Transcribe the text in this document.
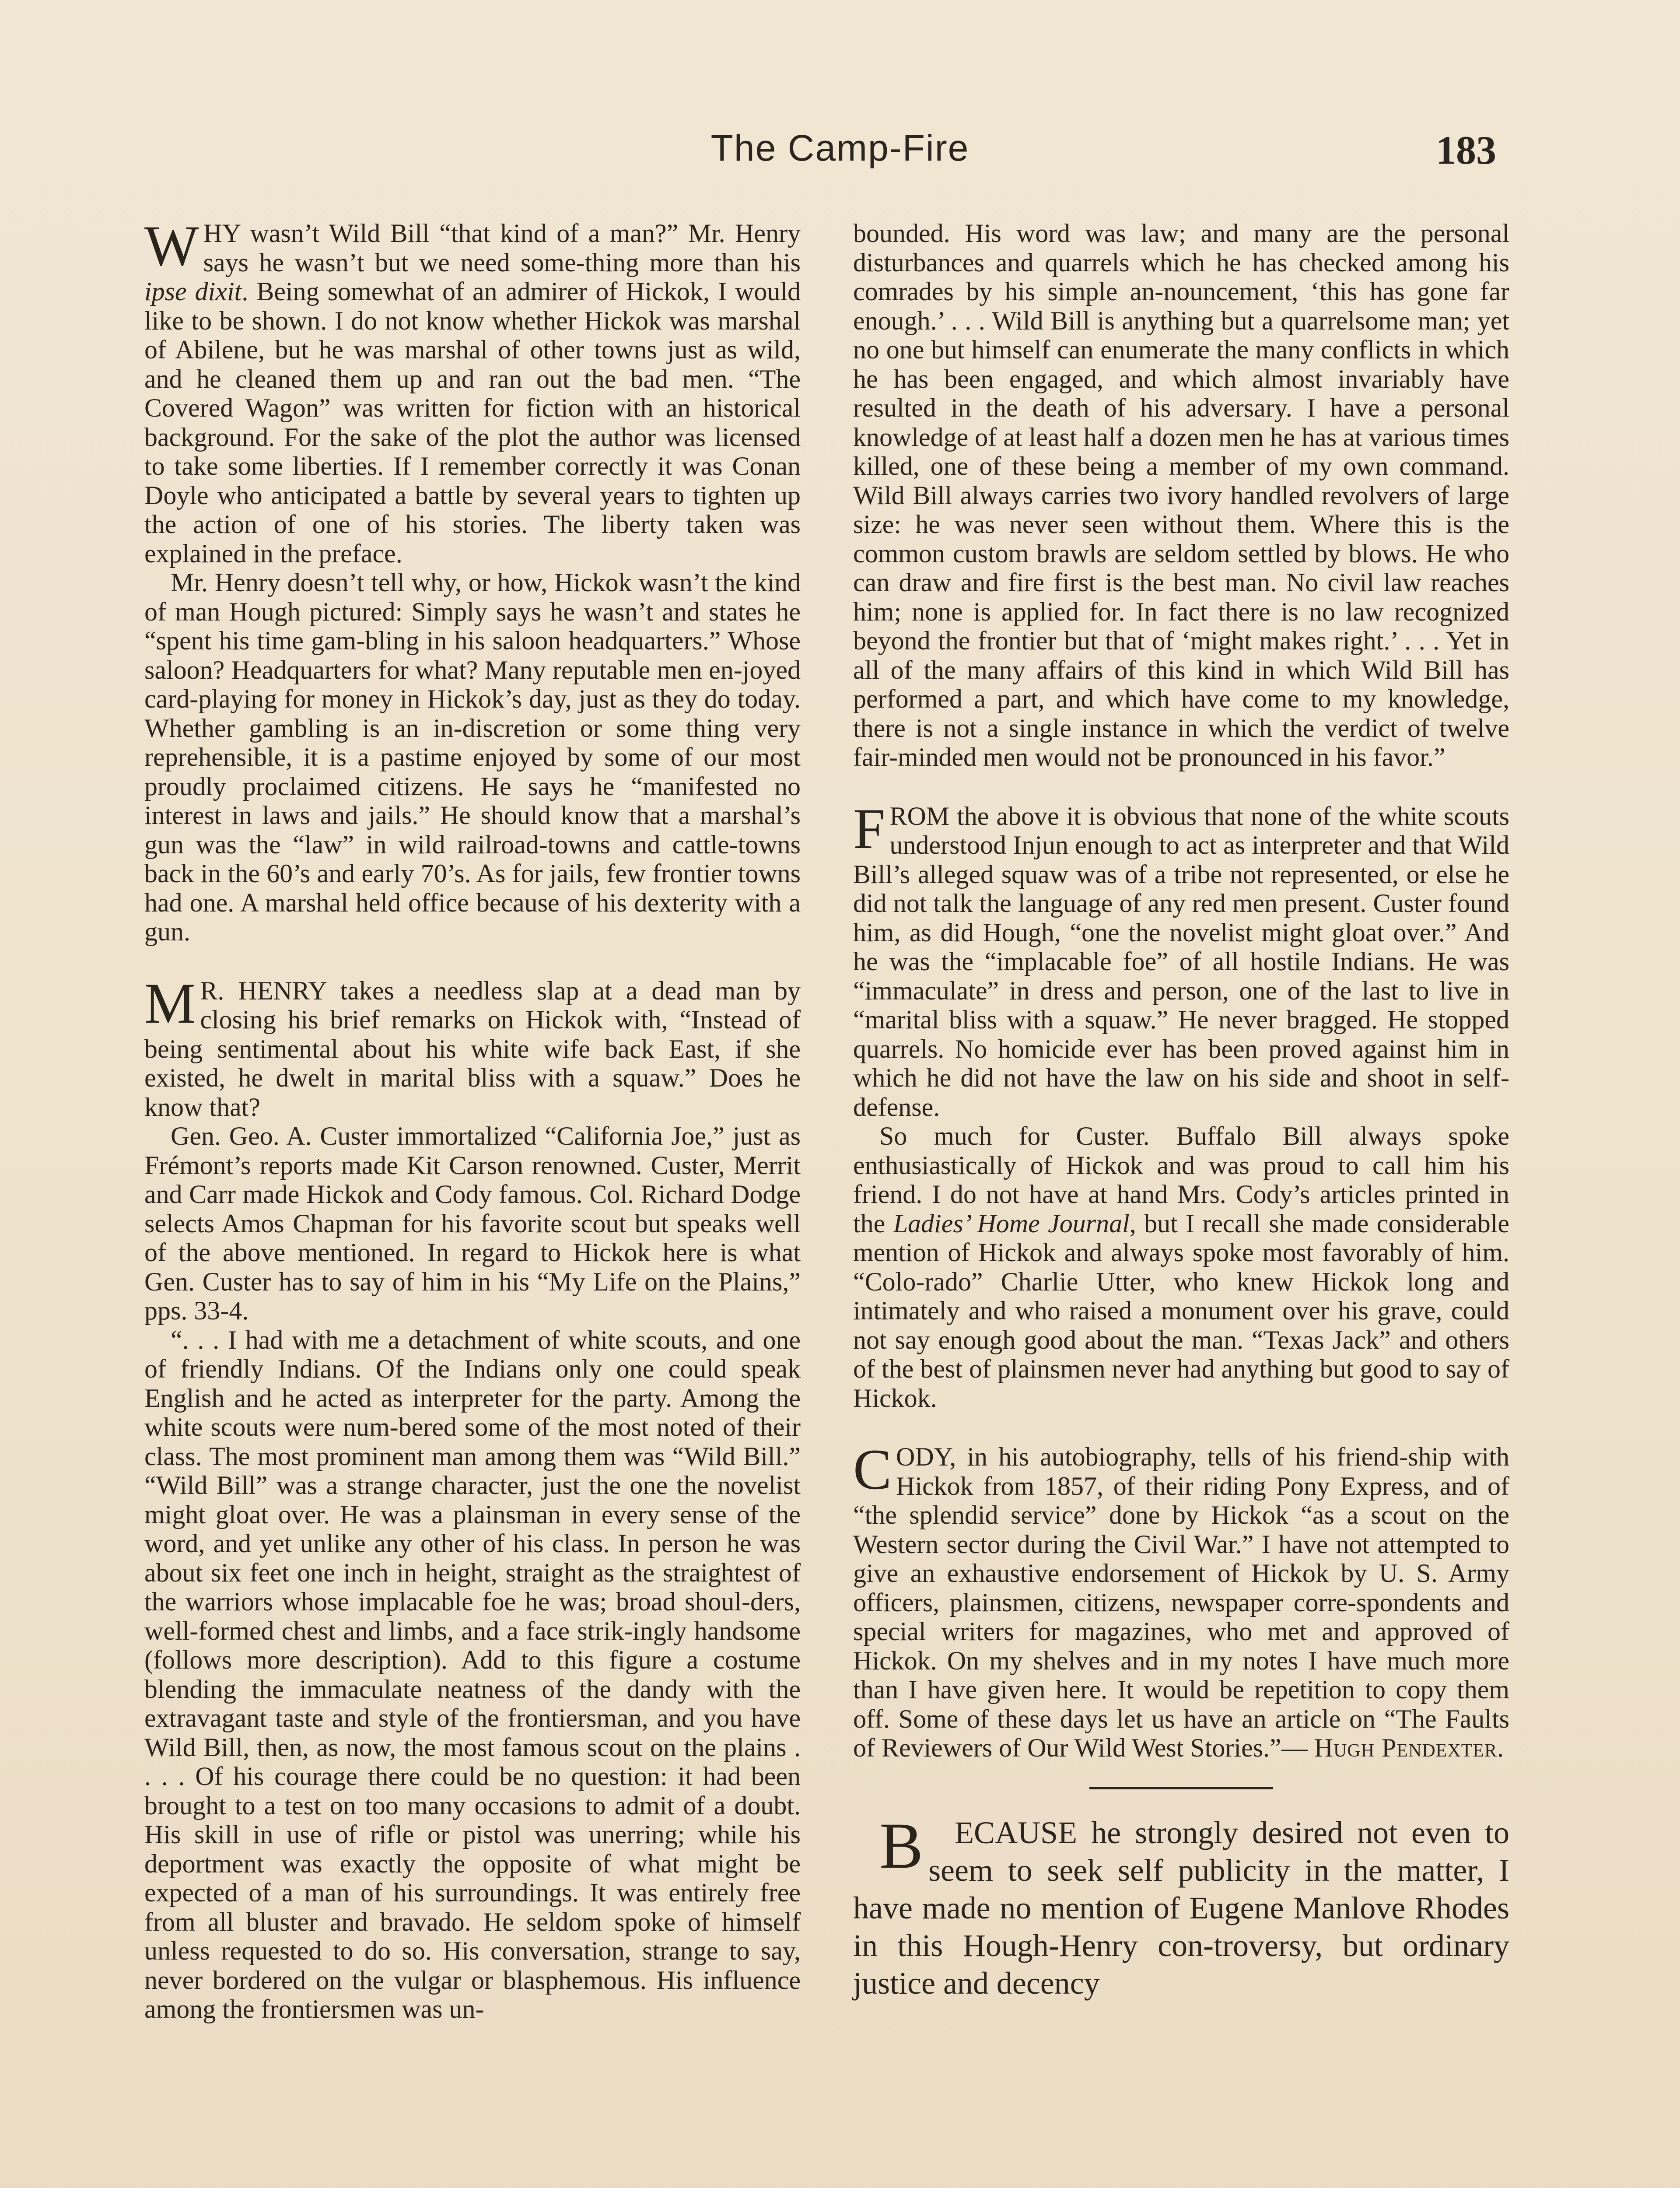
The Camp-Fire	183

WHY wasn’t Wild Bill “that kind of a man?” Mr. Henry says he wasn’t but we need some-thing more than his ipse dixit. Being somewhat of an admirer of Hickok, I would like to be shown. I do not know whether Hickok was marshal of Abilene, but he was marshal of other towns just as wild, and he cleaned them up and ran out the bad men. “The Covered Wagon” was written for fiction with an historical background. For the sake of the plot the author was licensed to take some liberties. If I remember correctly it was Conan Doyle who anticipated a battle by several years to tighten up the action of one of his stories. The liberty taken was explained in the preface.

Mr. Henry doesn’t tell why, or how, Hickok wasn’t the kind of man Hough pictured: Simply says he wasn’t and states he “spent his time gam-bling in his saloon headquarters.” Whose saloon? Headquarters for what? Many reputable men en-joyed card-playing for money in Hickok’s day, just as they do today. Whether gambling is an in-discretion or some thing very reprehensible, it is a pastime enjoyed by some of our most proudly proclaimed citizens. He says he “manifested no interest in laws and jails.” He should know that a marshal’s gun was the “law” in wild railroad-towns and cattle-towns back in the 60’s and early 70’s. As for jails, few frontier towns had one. A marshal held office because of his dexterity with a gun.

M R. HENRY takes a needless slap at a dead man by closing his brief remarks on Hickok with, “Instead of being sentimental about his white wife back East, if she existed, he dwelt in marital bliss with a squaw.” Does he know that?

Gen. Geo. A. Custer immortalized “California Joe,” just as Frémont’s reports made Kit Carson renowned. Custer, Merrit and Carr made Hickok and Cody famous. Col. Richard Dodge selects Amos Chapman for his favorite scout but speaks well of the above mentioned. In regard to Hickok here is what Gen. Custer has to say of him in his “My Life on the Plains,” pps. 33-4.

“. . . I had with me a detachment of white scouts, and one of friendly Indians. Of the Indians only one could speak English and he acted as interpreter for the party. Among the white scouts were num-bered some of the most noted of their class. The most prominent man among them was “Wild Bill.” “Wild Bill” was a strange character, just the one the novelist might gloat over. He was a plainsman in every sense of the word, and yet unlike any other of his class. In person he was about six feet one inch in height, straight as the straightest of the warriors whose implacable foe he was; broad shoul-ders, well-formed chest and limbs, and a face strik-ingly handsome (follows more description). Add to this figure a costume blending the immaculate neatness of the dandy with the extravagant taste and style of the frontiersman, and you have Wild Bill, then, as now, the most famous scout on the plains . . . . Of his courage there could be no question: it had been brought to a test on too many occasions to admit of a doubt. His skill in use of rifle or pistol was unerring; while his deportment was exactly the opposite of what might be expected of a man of his surroundings. It was entirely free from all bluster and bravado. He seldom spoke of himself unless requested to do so. His conversation, strange to say, never bordered on the vulgar or blasphemous. His influence among the frontiersmen was un-

bounded. His word was law; and many are the personal disturbances and quarrels which he has checked among his comrades by his simple an-nouncement, ‘this has gone far enough.’ . . . Wild Bill is anything but a quarrelsome man; yet no one but himself can enumerate the many conflicts in which he has been engaged, and which almost invariably have resulted in the death of his adversary. I have a personal knowledge of at least half a dozen men he has at various times killed, one of these being a member of my own command. Wild Bill always carries two ivory handled revolvers of large size: he was never seen without them. Where this is the common custom brawls are seldom settled by blows. He who can draw and fire first is the best man. No civil law reaches him; none is applied for. In fact there is no law recognized beyond the frontier but that of ‘might makes right.’ . . . Yet in all of the many affairs of this kind in which Wild Bill has performed a part, and which have come to my knowledge, there is not a single instance in which the verdict of twelve fair-minded men would not be pronounced in his favor.”

FROM the above it is obvious that none of the white scouts understood Injun enough to act as interpreter and that Wild Bill’s alleged squaw was of a tribe not represented, or else he did not talk the language of any red men present. Custer found him, as did Hough, “one the novelist might gloat over.” And he was the “implacable foe” of all hostile Indians. He was “immaculate” in dress and person, one of the last to live in “marital bliss with a squaw.” He never bragged. He stopped quarrels. No homicide ever has been proved against him in which he did not have the law on his side and shoot in self-defense.

So much for Custer. Buffalo Bill always spoke enthusiastically of Hickok and was proud to call him his friend. I do not have at hand Mrs. Cody’s articles printed in the Ladies’ Home Journal, but I recall she made considerable mention of Hickok and always spoke most favorably of him. “Colo-rado” Charlie Utter, who knew Hickok long and intimately and who raised a monument over his grave, could not say enough good about the man. “Texas Jack” and others of the best of plainsmen never had anything but good to say of Hickok.

CODY, in his autobiography, tells of his friend-ship with Hickok from 1857, of their riding Pony Express, and of “the splendid service” done by Hickok “as a scout on the Western sector during the Civil War.” I have not attempted to give an exhaustive endorsement of Hickok by U. S. Army officers, plainsmen, citizens, newspaper corre-spondents and special writers for magazines, who met and approved of Hickok. On my shelves and in my notes I have much more than I have given here. It would be repetition to copy them off. Some of these days let us have an article on “The Faults of Reviewers of Our Wild West Stories.”— Hugh Pendexter.

B ECAUSE he strongly desired not even to seem to seek self publicity in the matter, I have made no mention of Eugene Manlove Rhodes in this Hough-Henry con-troversy, but ordinary justice and decency
